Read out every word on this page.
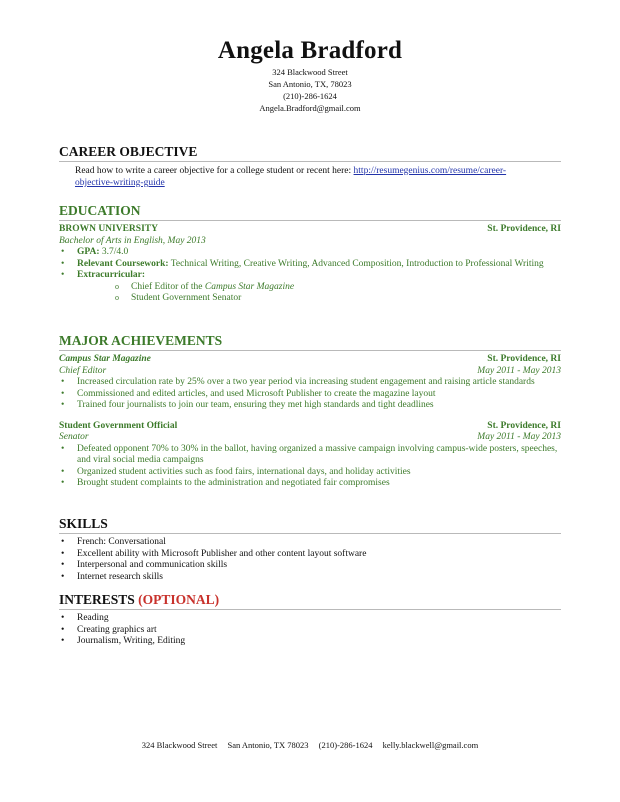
Angela Bradford
324 Blackwood Street
San Antonio, TX, 78023
(210)-286-1624
Angela.Bradford@gmail.com
CAREER OBJECTIVE
Read how to write a career objective for a college student or recent here: http://resumegenius.com/resume/career-
objective-writing-guide
EDUCATION
BROWN UNIVERSITY	St. Providence, RI
Bachelor of Arts in English, May 2013
• GPA: 3.7/4.0
• Relevant Coursework: Technical Writing, Creative Writing, Advanced Composition, Introduction to Professional Writing
• Extracurricular:
o Chief Editor of the Campus Star Magazine
o Student Government Senator
MAJOR ACHIEVEMENTS
Campus Star Magazine	St. Providence, RI
Chief Editor	May 2011 - May 2013
• Increased circulation rate by 25% over a two year period via increasing student engagement and raising article standards
• Commissioned and edited articles, and used Microsoft Publisher to create the magazine layout
• Trained four journalists to join our team, ensuring they met high standards and tight deadlines
Student Government Official	St. Providence, RI
Senator	May 2011 - May 2013
• Defeated opponent 70% to 30% in the ballot, having organized a massive campaign involving campus-wide posters, speeches, and viral social media campaigns
• Organized student activities such as food fairs, international days, and holiday activities
• Brought student complaints to the administration and negotiated fair compromises
SKILLS
• French: Conversational
• Excellent ability with Microsoft Publisher and other content layout software
• Interpersonal and communication skills
• Internet research skills
INTERESTS (OPTIONAL)
• Reading
• Creating graphics art
• Journalism, Writing, Editing
324 Blackwood Street San Antonio, TX 78023 (210)-286-1624 kelly.blackwell@gmail.com
